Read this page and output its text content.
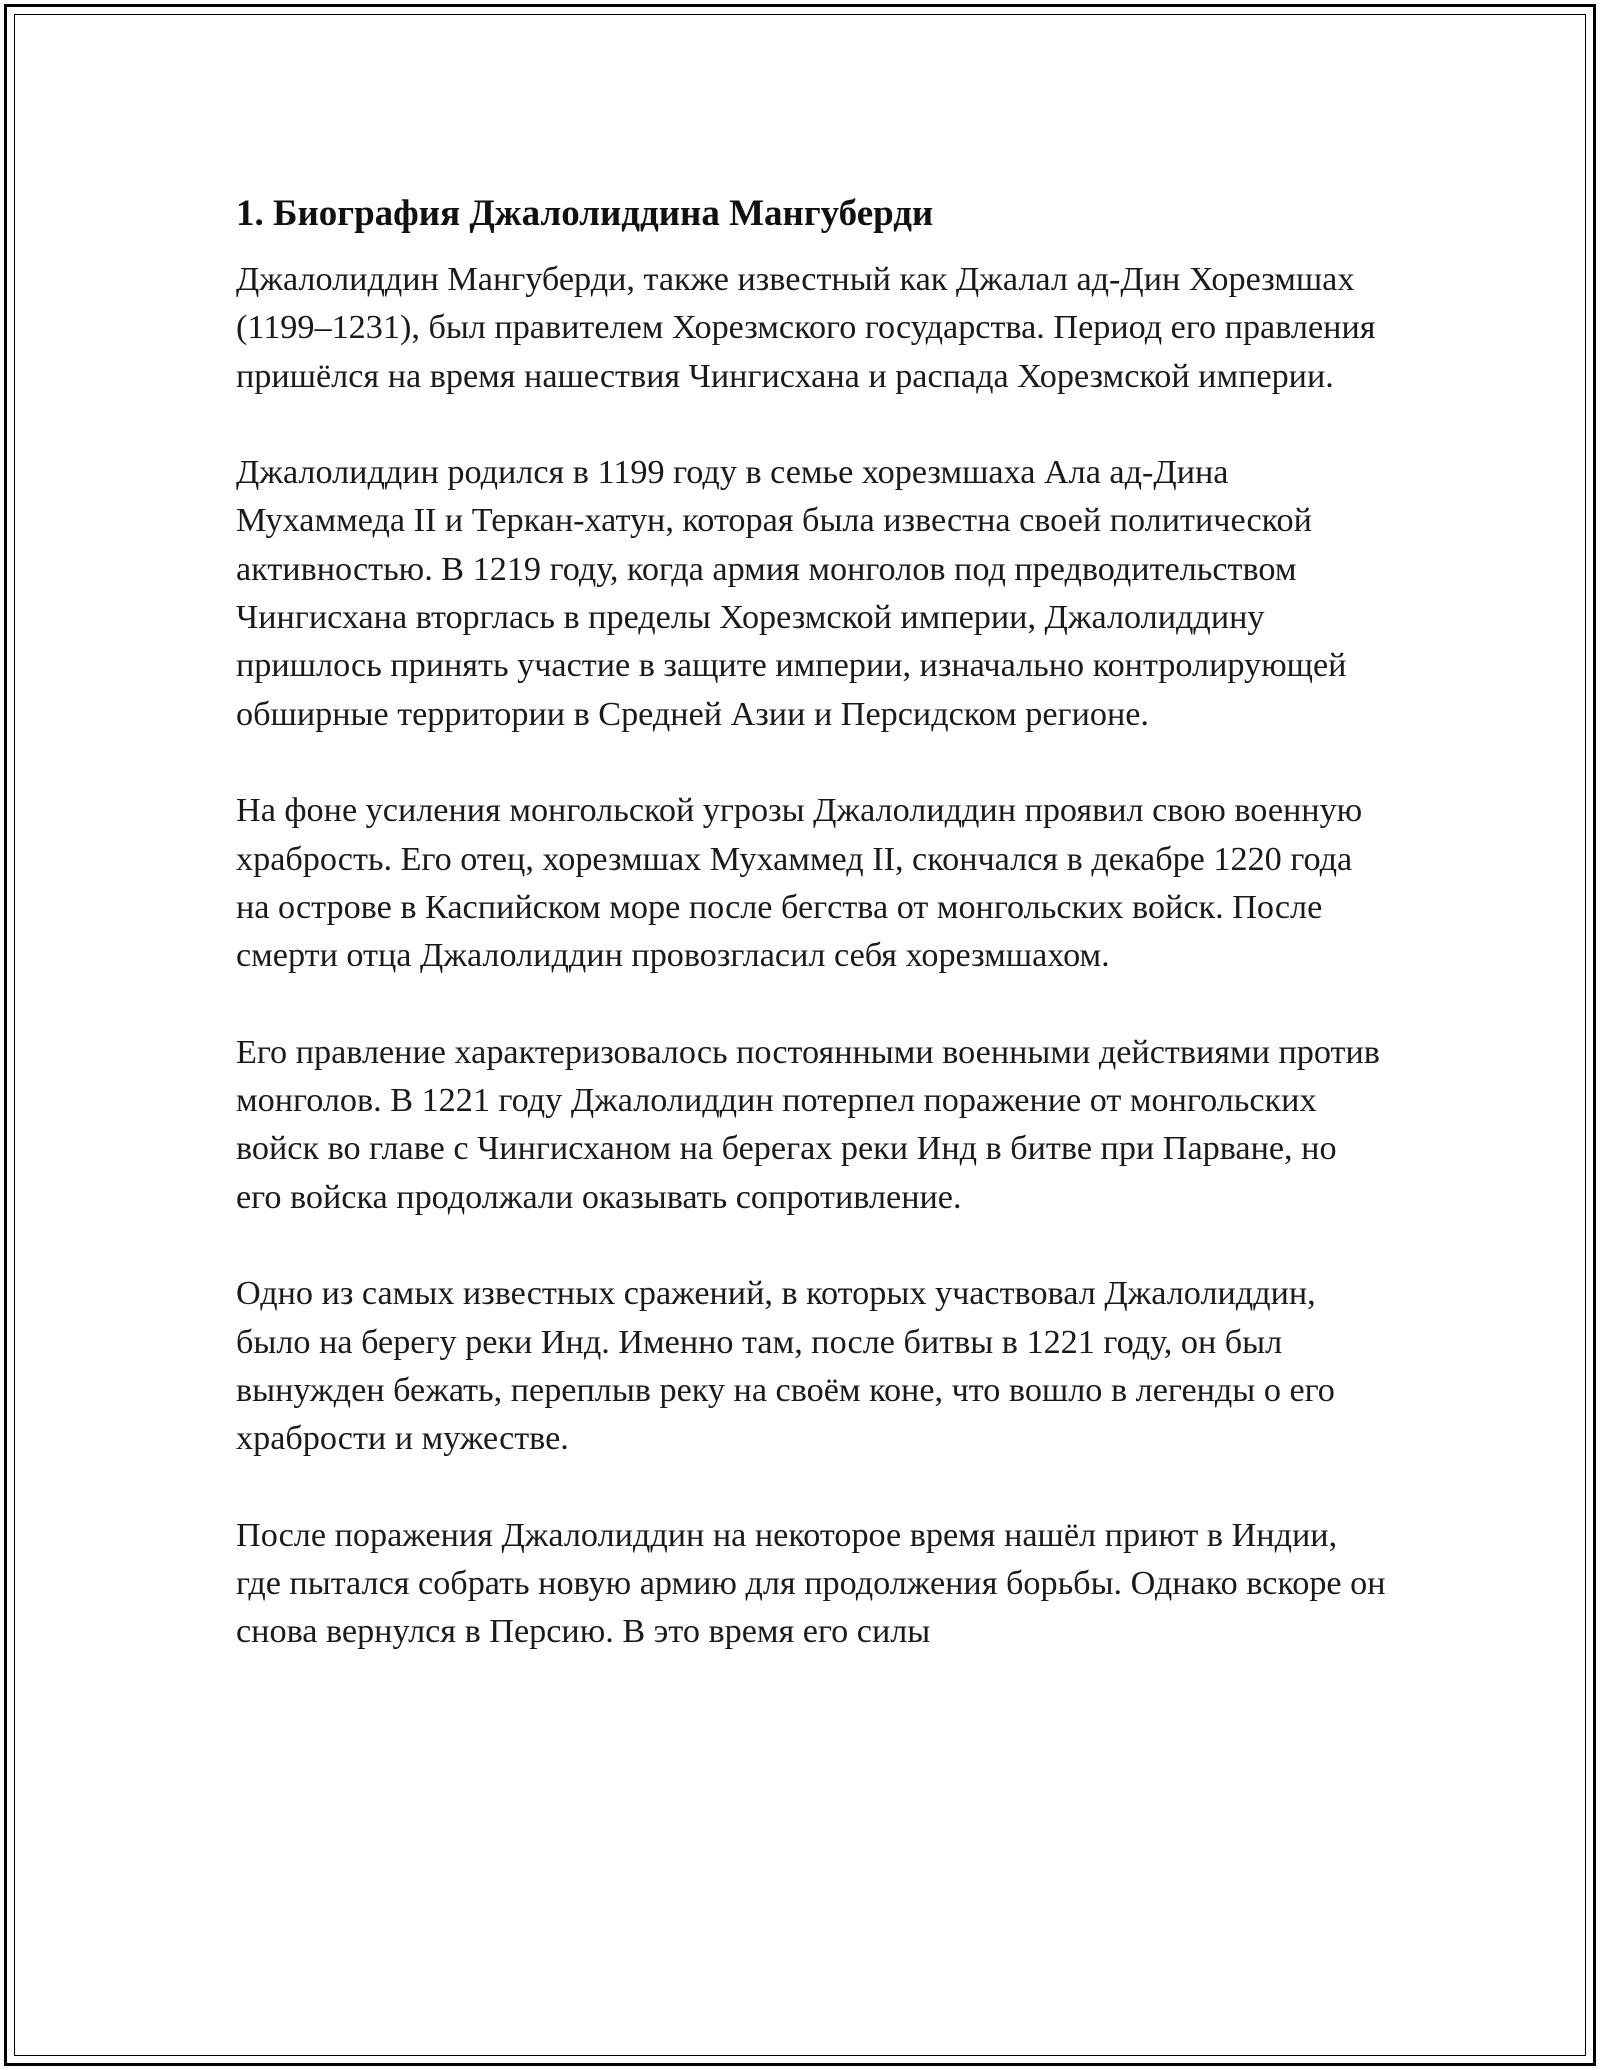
1. Биография Джалолиддина Мангуберди

Джалолиддин Мангуберди, также известный как Джалал ад-Дин Хорезмшах (1199–1231), был правителем Хорезмского государства. Период его правления пришёлся на время нашествия Чингисхана и распада Хорезмской империи.

Джалолиддин родился в 1199 году в семье хорезмшаха Ала ад-Дина Мухаммеда II и Теркан-хатун, которая была известна своей политической активностью. В 1219 году, когда армия монголов под предводительством Чингисхана вторглась в пределы Хорезмской империи, Джалолиддину пришлось принять участие в защите империи, изначально контролирующей обширные территории в Средней Азии и Персидском регионе.

На фоне усиления монгольской угрозы Джалолиддин проявил свою военную храбрость. Его отец, хорезмшах Мухаммед II, скончался в декабре 1220 года на острове в Каспийском море после бегства от монгольских войск. После смерти отца Джалолиддин провозгласил себя хорезмшахом.

Его правление характеризовалось постоянными военными действиями против монголов. В 1221 году Джалолиддин потерпел поражение от монгольских войск во главе с Чингисханом на берегах реки Инд в битве при Парване, но его войска продолжали оказывать сопротивление.

Одно из самых известных сражений, в которых участвовал Джалолиддин, было на берегу реки Инд. Именно там, после битвы в 1221 году, он был вынужден бежать, переплыв реку на своём коне, что вошло в легенды о его храбрости и мужестве.

После поражения Джалолиддин на некоторое время нашёл приют в Индии, где пытался собрать новую армию для продолжения борьбы. Однако вскоре он снова вернулся в Персию. В это время его силы
